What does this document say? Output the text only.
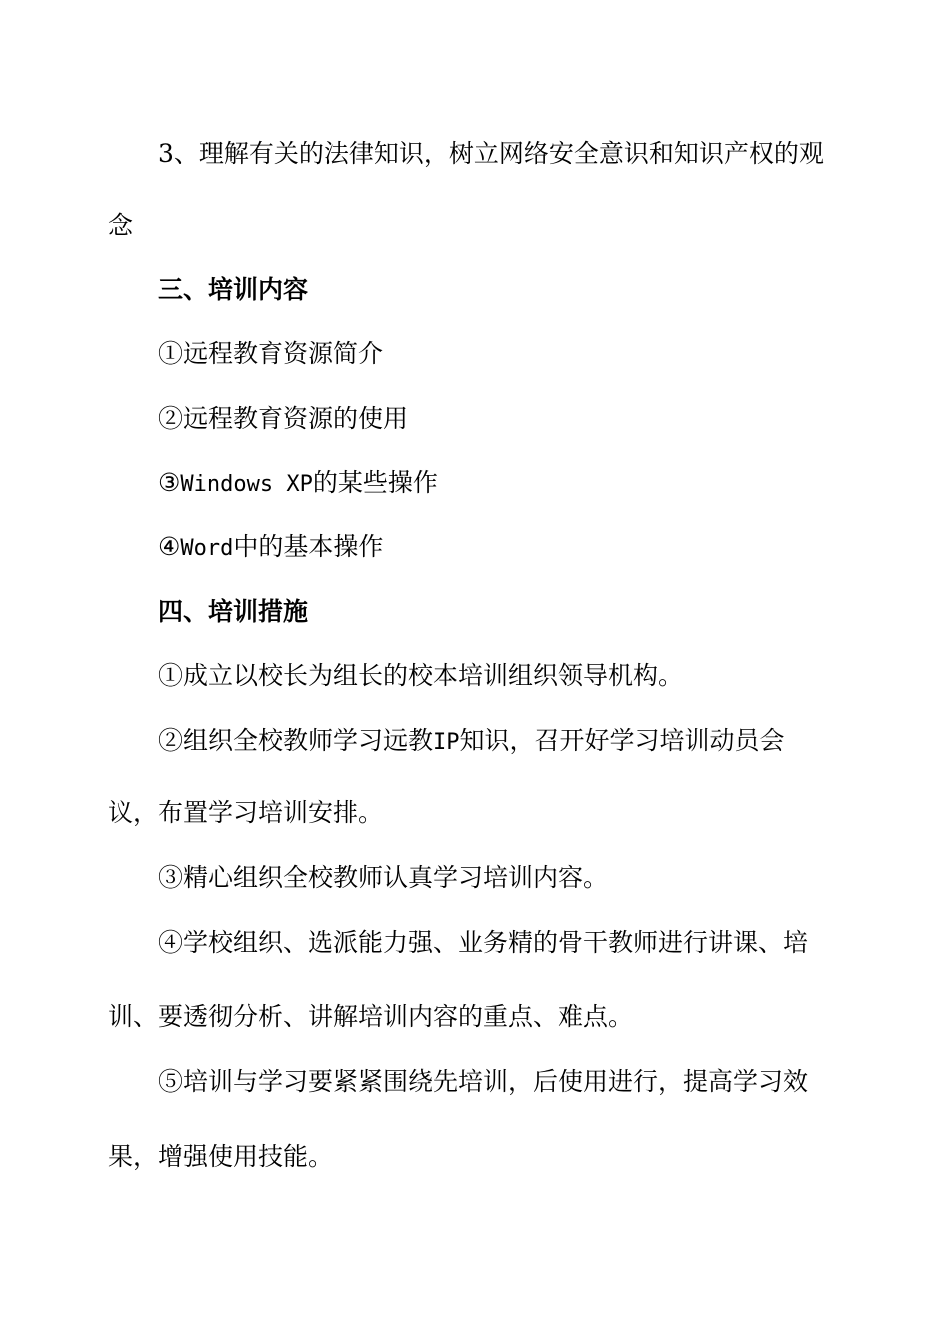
3、理解有关的法律知识，树立网络安全意识和知识产权的观
念
三、培训内容
①远程教育资源简介
②远程教育资源的使用
③Windows XP的某些操作
④Word中的基本操作
四、培训措施
①成立以校长为组长的校本培训组织领导机构。
②组织全校教师学习远教IP知识，召开好学习培训动员会
议，布置学习培训安排。
③精心组织全校教师认真学习培训内容。
④学校组织、选派能力强、业务精的骨干教师进行讲课、培
训、要透彻分析、讲解培训内容的重点、难点。
⑤培训与学习要紧紧围绕先培训，后使用进行，提高学习效
果，增强使用技能。
